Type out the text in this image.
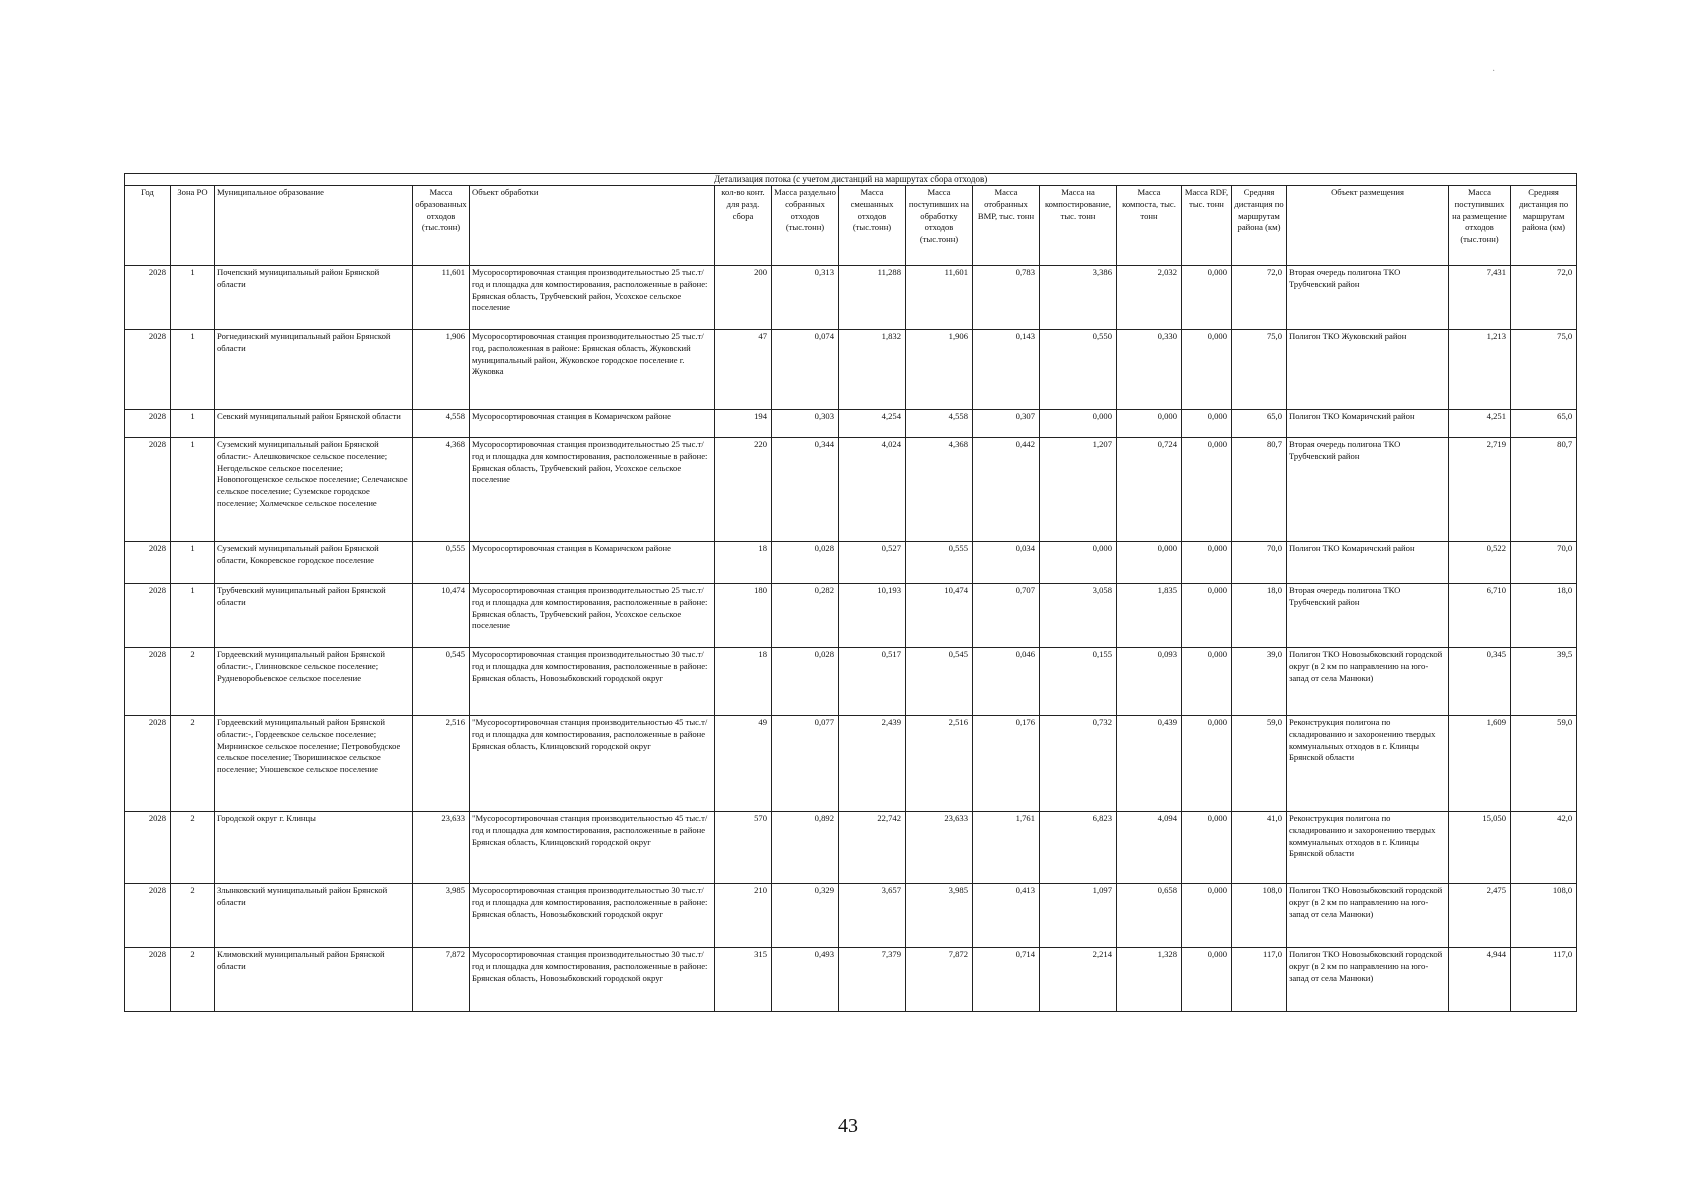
·
Детализация потока (с учетом дистанций на маршрутах сбора отходов)																
Год	Зона РО	Муниципальное образование	Масса образованных отходов (тыс.тонн)	Объект обработки	кол-во конт. для разд. сбора	Масса раздельно собранных отходов (тыс.тонн)	Масса смешанных отходов (тыс.тонн)	Масса поступивших на обработку отходов (тыс.тонн)	Масса отобранных ВМР, тыс. тонн	Масса на компостирование, тыс. тонн	Масса компоста, тыс. тонн	Масса RDF, тыс. тонн	Средняя дистанция по маршрутам района (км)	Объект размещения	Масса поступивших на размещение отходов (тыс.тонн)	Средняя дистанция по маршрутам района (км)
2028	1	Почепский муниципальный район Брянской области	11,601	Мусоросортировочная станция производительностью 25 тыс.т/год и площадка для компостирования, расположенные в районе: Брянская область, Трубчевский район, Усохское сельское поселение	200	0,313	11,288	11,601	0,783	3,386	2,032	0,000	72,0	Вторая очередь полигона ТКО Трубчевский район	7,431	72,0
2028	1	Рогнединский муниципальный район Брянской области	1,906	Мусоросортировочная станция производительностью 25 тыс.т/год, расположенная в районе: Брянская область, Жуковский муниципальный район, Жуковское городское поселение г. Жуковка	47	0,074	1,832	1,906	0,143	0,550	0,330	0,000	75,0	Полигон ТКО Жуковский район	1,213	75,0
2028	1	Севский муниципальный район Брянской области	4,558	Мусоросортировочная станция в Комаричском районе	194	0,303	4,254	4,558	0,307	0,000	0,000	0,000	65,0	Полигон ТКО Комаричский район	4,251	65,0
2028	1	Суземский муниципальный район Брянской области:- Алешковичское сельское поселение; Негодельское сельское поселение; Новопогощенское сельское поселение; Селечанское сельское поселение; Суземское городское поселение; Холмечское сельское поселение	4,368	Мусоросортировочная станция производительностью 25 тыс.т/год и площадка для компостирования, расположенные в районе: Брянская область, Трубчевский район, Усохское сельское поселение	220	0,344	4,024	4,368	0,442	1,207	0,724	0,000	80,7	Вторая очередь полигона ТКО Трубчевский район	2,719	80,7
2028	1	Суземский муниципальный район Брянской области, Кокоревское городское поселение	0,555	Мусоросортировочная станция в Комаричском районе	18	0,028	0,527	0,555	0,034	0,000	0,000	0,000	70,0	Полигон ТКО Комаричский район	0,522	70,0
2028	1	Трубчевский муниципальный район Брянской области	10,474	Мусоросортировочная станция производительностью 25 тыс.т/год и площадка для компостирования, расположенные в районе: Брянская область, Трубчевский район, Усохское сельское поселение	180	0,282	10,193	10,474	0,707	3,058	1,835	0,000	18,0	Вторая очередь полигона ТКО Трубчевский район	6,710	18,0
2028	2	Гордеевский муниципальный район Брянской области:-, Глинновское сельское поселение; Рудневоробьевское сельское поселение	0,545	Мусоросортировочная станция производительностью 30 тыс.т/год и площадка для компостирования, расположенные в районе: Брянская область, Новозыбковский городской округ	18	0,028	0,517	0,545	0,046	0,155	0,093	0,000	39,0	Полигон ТКО Новозыбковский городской округ (в 2 км по направлению на юго-запад от села Манюки)	0,345	39,5
2028	2	Гордеевский муниципальный район Брянской области:-, Гордеевское сельское поселение; Мирнинское сельское поселение; Петровобудское сельское поселение; Творишинское сельское поселение; Уношевское сельское поселение	2,516	"Мусоросортировочная станция производительностью 45 тыс.т/год и площадка для компостирования, расположенные в районе Брянская область, Клинцовский городской округ	49	0,077	2,439	2,516	0,176	0,732	0,439	0,000	59,0	Реконструкция полигона по складированию и захоронению твердых коммунальных отходов в г. Клинцы Брянской области	1,609	59,0
2028	2	Городской округ г. Клинцы	23,633	"Мусоросортировочная станция производительностью 45 тыс.т/год и площадка для компостирования, расположенные в районе Брянская область, Клинцовский городской округ	570	0,892	22,742	23,633	1,761	6,823	4,094	0,000	41,0	Реконструкция полигона по складированию и захоронению твердых коммунальных отходов в г. Клинцы Брянской области	15,050	42,0
2028	2	Злынковский муниципальный район Брянской области	3,985	Мусоросортировочная станция производительностью 30 тыс.т/год и площадка для компостирования, расположенные в районе: Брянская область, Новозыбковский городской округ	210	0,329	3,657	3,985	0,413	1,097	0,658	0,000	108,0	Полигон ТКО Новозыбковский городской округ (в 2 км по направлению на юго-запад от села Манюки)	2,475	108,0
2028	2	Климовский муниципальный район Брянской области	7,872	Мусоросортировочная станция производительностью 30 тыс.т/год и площадка для компостирования, расположенные в районе: Брянская область, Новозыбковский городской округ	315	0,493	7,379	7,872	0,714	2,214	1,328	0,000	117,0	Полигон ТКО Новозыбковский городской округ (в 2 км по направлению на юго-запад от села Манюки)	4,944	117,0
43
